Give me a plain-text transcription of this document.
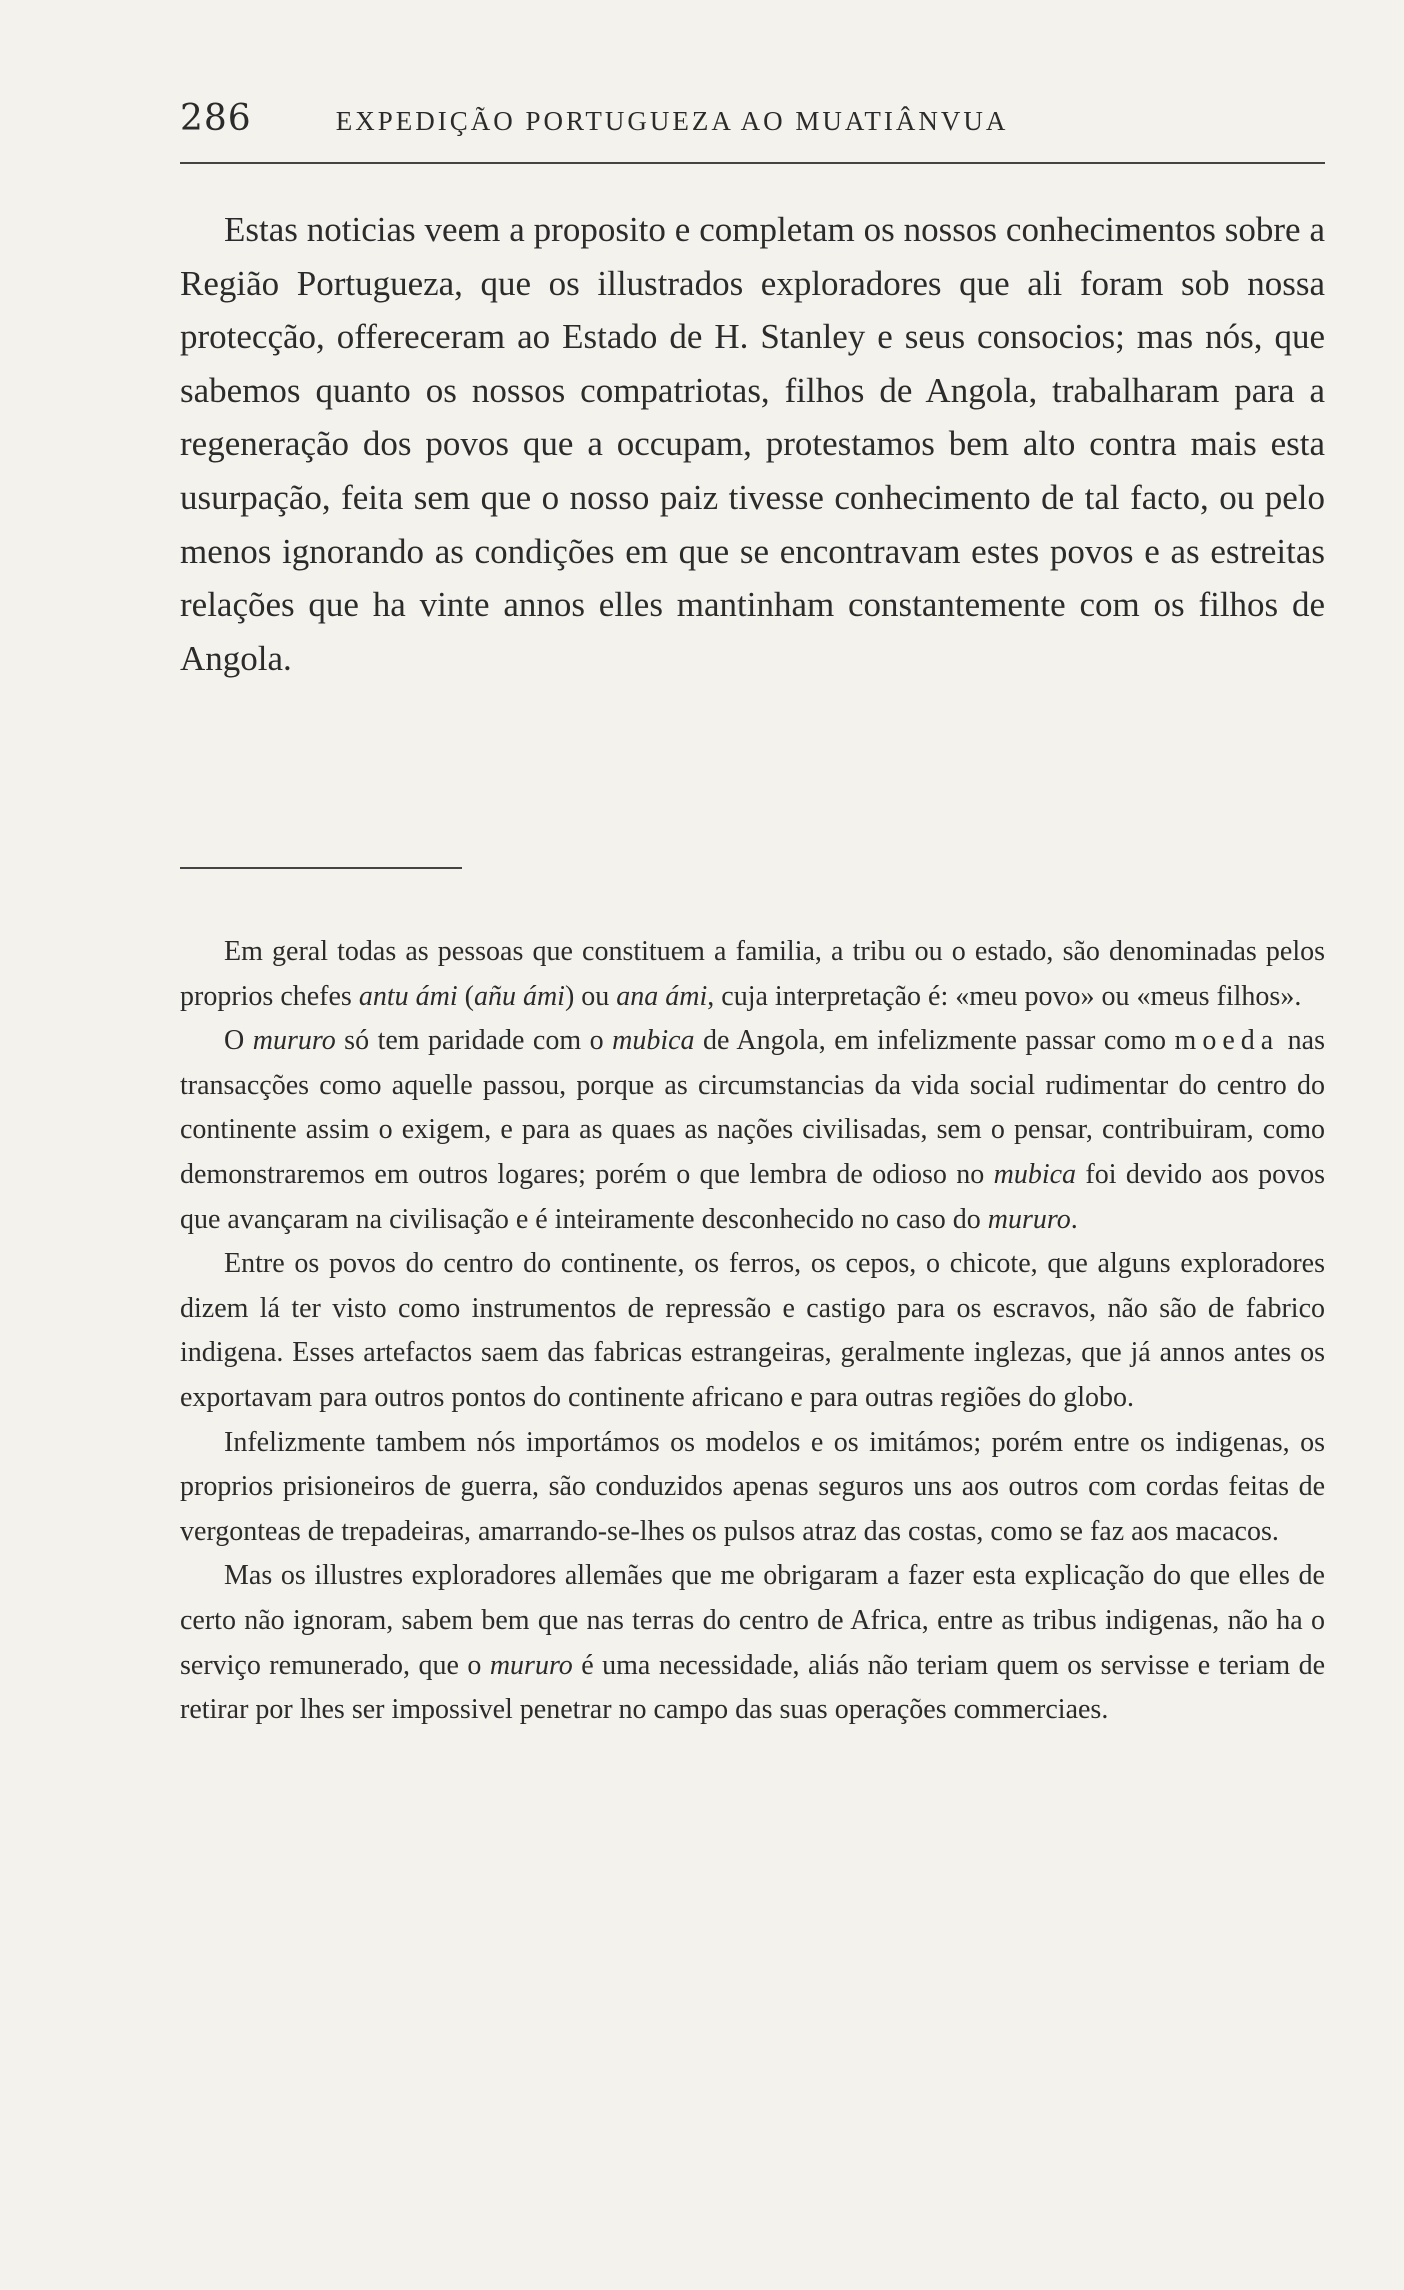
286	EXPEDIÇÃO PORTUGUEZA AO MUATIÂNVUA

Estas noticias veem a proposito e completam os nossos conhecimentos sobre a Região Portugueza, que os illustrados exploradores que ali foram sob nossa protecção, offereceram ao Estado de H. Stanley e seus consocios; mas nós, que sabemos quanto os nossos compatriotas, filhos de Angola, trabalharam para a regeneração dos povos que a occupam, protestamos bem alto contra mais esta usurpação, feita sem que o nosso paiz tivesse conhecimento de tal facto, ou pelo menos ignorando as condições em que se encontravam estes povos e as estreitas relações que ha vinte annos elles mantinham constantemente com os filhos de Angola.

Em geral todas as pessoas que constituem a familia, a tribu ou o estado, são denominadas pelos proprios chefes antu ámi (añu ámi) ou ana ámi, cuja interpretação é: «meu povo» ou «meus filhos».

O mururo só tem paridade com o mubica de Angola, em infelizmente passar como moeda nas transacções como aquelle passou, porque as circumstancias da vida social rudimentar do centro do continente assim o exigem, e para as quaes as nações civilisadas, sem o pensar, contribuiram, como demonstraremos em outros logares; porém o que lembra de odioso no mubica foi devido aos povos que avançaram na civilisação e é inteiramente desconhecido no caso do mururo.

Entre os povos do centro do continente, os ferros, os cepos, o chicote, que alguns exploradores dizem lá ter visto como instrumentos de repressão e castigo para os escravos, não são de fabrico indigena. Esses artefactos saem das fabricas estrangeiras, geralmente inglezas, que já annos antes os exportavam para outros pontos do continente africano e para outras regiões do globo.

Infelizmente tambem nós importámos os modelos e os imitámos; porém entre os indigenas, os proprios prisioneiros de guerra, são conduzidos apenas seguros uns aos outros com cordas feitas de vergonteas de trepadeiras, amarrando-se-lhes os pulsos atraz das costas, como se faz aos macacos.

Mas os illustres exploradores allemães que me obrigaram a fazer esta explicação do que elles de certo não ignoram, sabem bem que nas terras do centro de Africa, entre as tribus indigenas, não ha o serviço remunerado, que o mururo é uma necessidade, aliás não teriam quem os servisse e teriam de retirar por lhes ser impossivel penetrar no campo das suas operações commerciaes.
